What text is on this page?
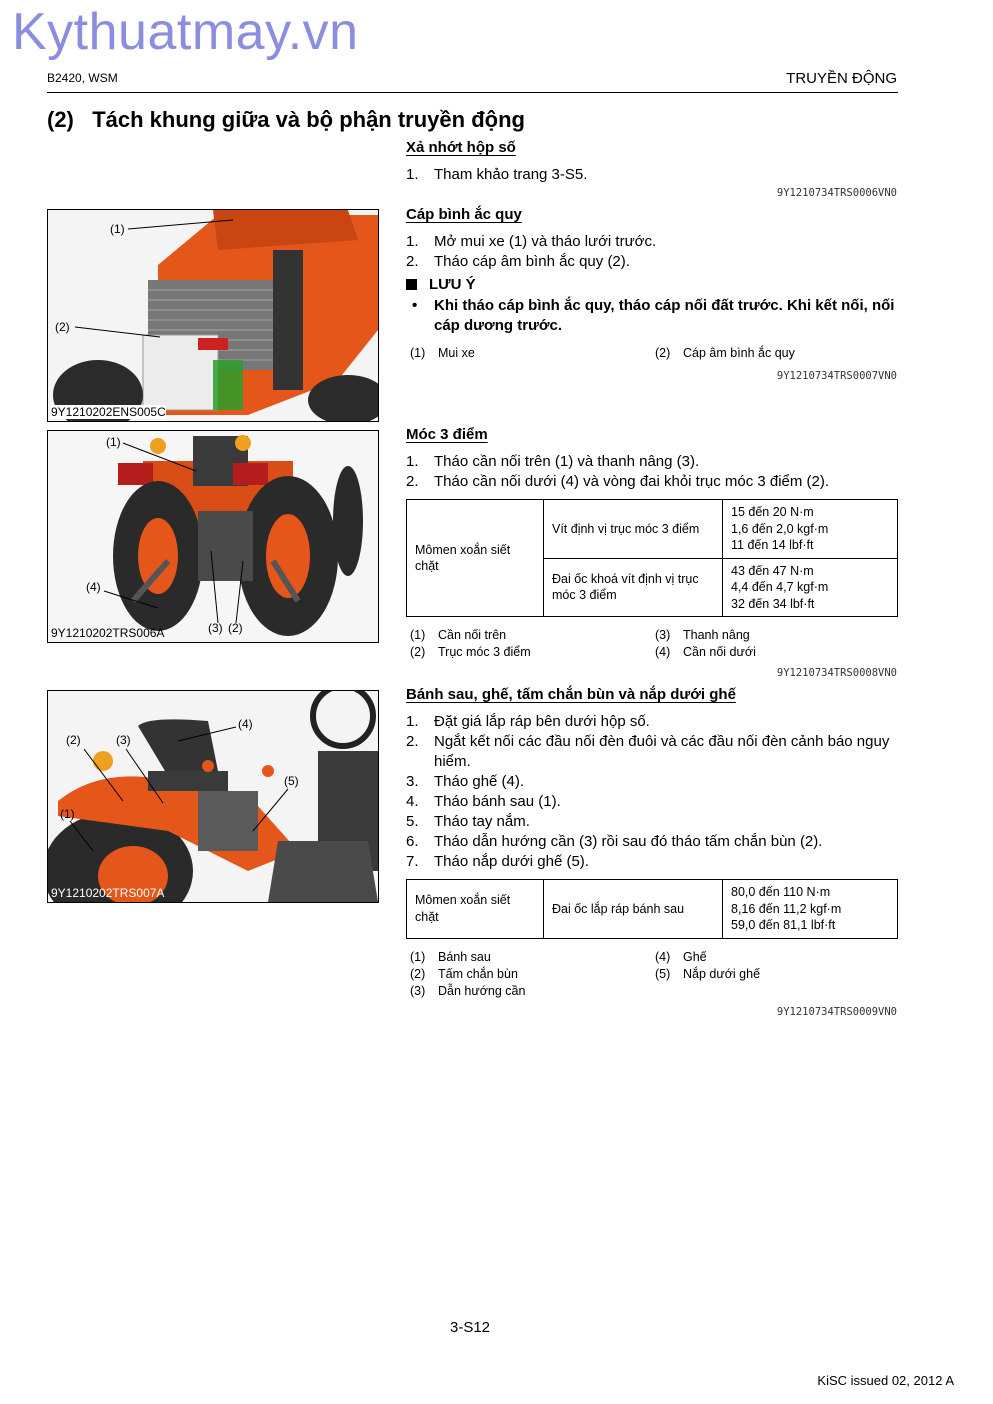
Kythuatmay.vn
B2420, WSM	TRUYỀN ĐỘNG
(2)   Tách khung giữa và bộ phận truyền động
Xả nhớt hộp số
1. Tham khảo trang 3-S5.
9Y1210734TRS0006VN0
Cáp bình ắc quy
1. Mở mui xe (1) và tháo lưới trước.
2. Tháo cáp âm bình ắc quy (2).
LƯU Ý
• Khi tháo cáp bình ắc quy, tháo cáp nối đất trước. Khi kết nối, nối cáp dương trước.
(1) Mui xe	(2) Cáp âm bình ắc quy
9Y1210734TRS0007VN0
Móc 3 điểm
1. Tháo cần nối trên (1) và thanh nâng (3).
2. Tháo cần nối dưới (4) và vòng đai khỏi trục móc 3 điểm (2).
Mômen xoắn siết chặt	Vít định vị trục móc 3 điểm	15 đến 20 N·m
1,6 đến 2,0 kgf·m
11 đến 14 lbf·ft

	Đai ốc khoá vít định vị trục móc 3 điểm	43 đến 47 N·m
4,4 đến 4,7 kgf·m
32 đến 34 lbf·ft
(1) Cần nối trên
(2) Trục móc 3 điểm
(3) Thanh nâng
(4) Cần nối dưới
9Y1210734TRS0008VN0
Bánh sau, ghế, tấm chắn bùn và nắp dưới ghế
1. Đặt giá lắp ráp bên dưới hộp số.
2.	Ngắt kết nối các đầu nối đèn đuôi và các đầu nối đèn cảnh báo nguy hiểm.
3. Tháo ghế (4).
4. Tháo bánh sau (1).
5. Tháo tay nắm.
6. Tháo dẫn hướng cần (3) rồi sau đó tháo tấm chắn bùn (2).
7. Tháo nắp dưới ghế (5).
Mômen xoắn siết chặt	Đai ốc lắp ráp bánh sau	
80,0 đến 110 N·m
8,16 đến 11,2 kgf·m
59,0 đến 81,1 lbf·ft
(1) Bánh sau
(2) Tấm chắn bùn
(3) Dẫn hướng cần
(4) Ghế
(5) Nắp dưới ghế
9Y1210734TRS0009VN0
(1)
(2)
9Y1210202ENS005C
(1)
(4)
(3) (2)
9Y1210202TRS006A
(4)
(2)	(3)
(5)
(1)
9Y1210202TRS007A
3-S12
KiSC issued 02, 2012 A
